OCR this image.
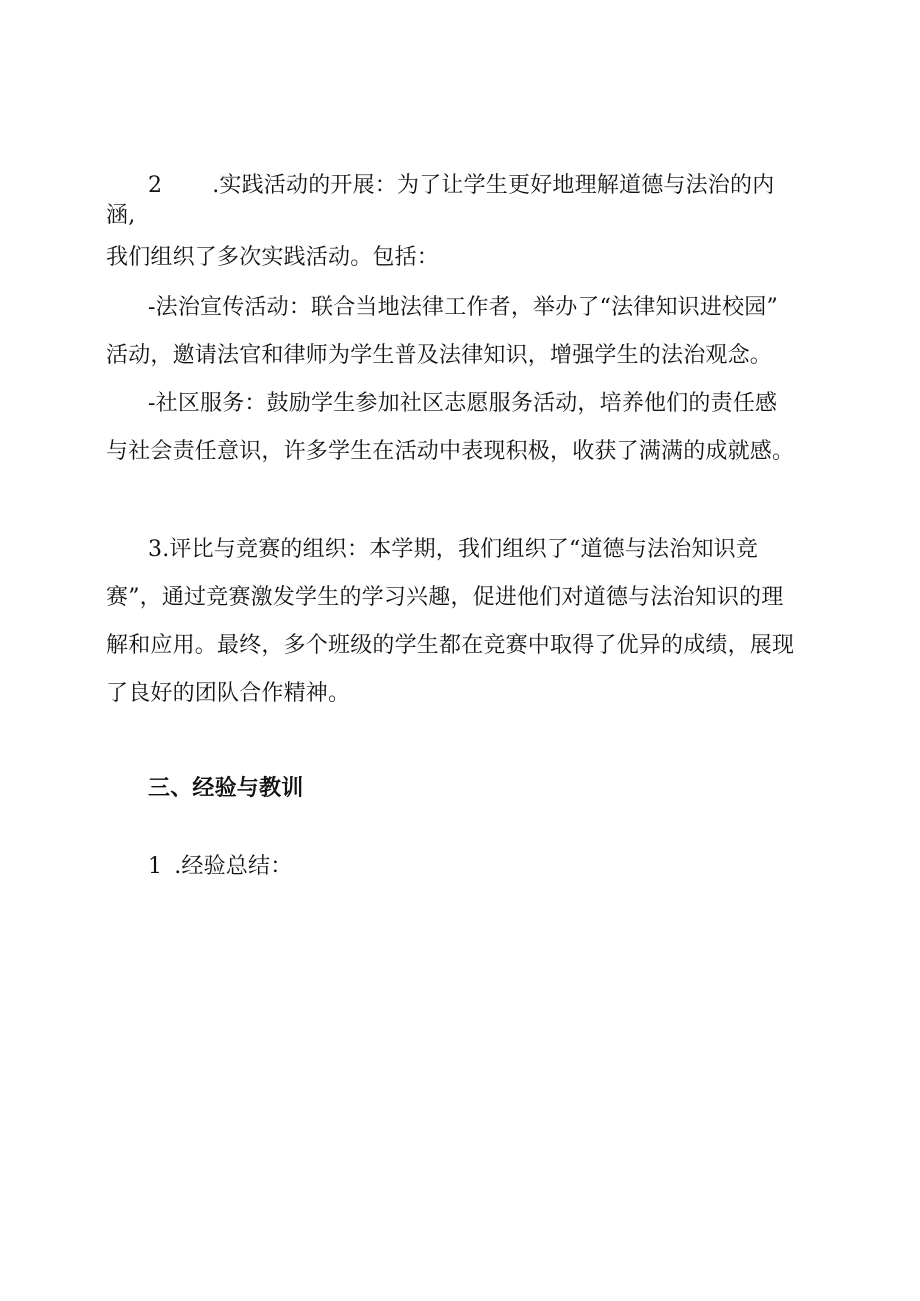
2 .实践活动的开展：为了让学生更好地理解道德与法治的内
涵,
我们组织了多次实践活动。包括：
-法治宣传活动：联合当地法律工作者，举办了“法律知识进校园”
活动，邀请法官和律师为学生普及法律知识，增强学生的法治观念。
-社区服务：鼓励学生参加社区志愿服务活动，培养他们的责任感
与社会责任意识，许多学生在活动中表现积极，收获了满满的成就感。
3.评比与竞赛的组织：本学期，我们组织了“道德与法治知识竞
赛”，通过竞赛激发学生的学习兴趣，促进他们对道德与法治知识的理
解和应用。最终，多个班级的学生都在竞赛中取得了优异的成绩，展现
了良好的团队合作精神。
三、经验与教训
1 .经验总结：
